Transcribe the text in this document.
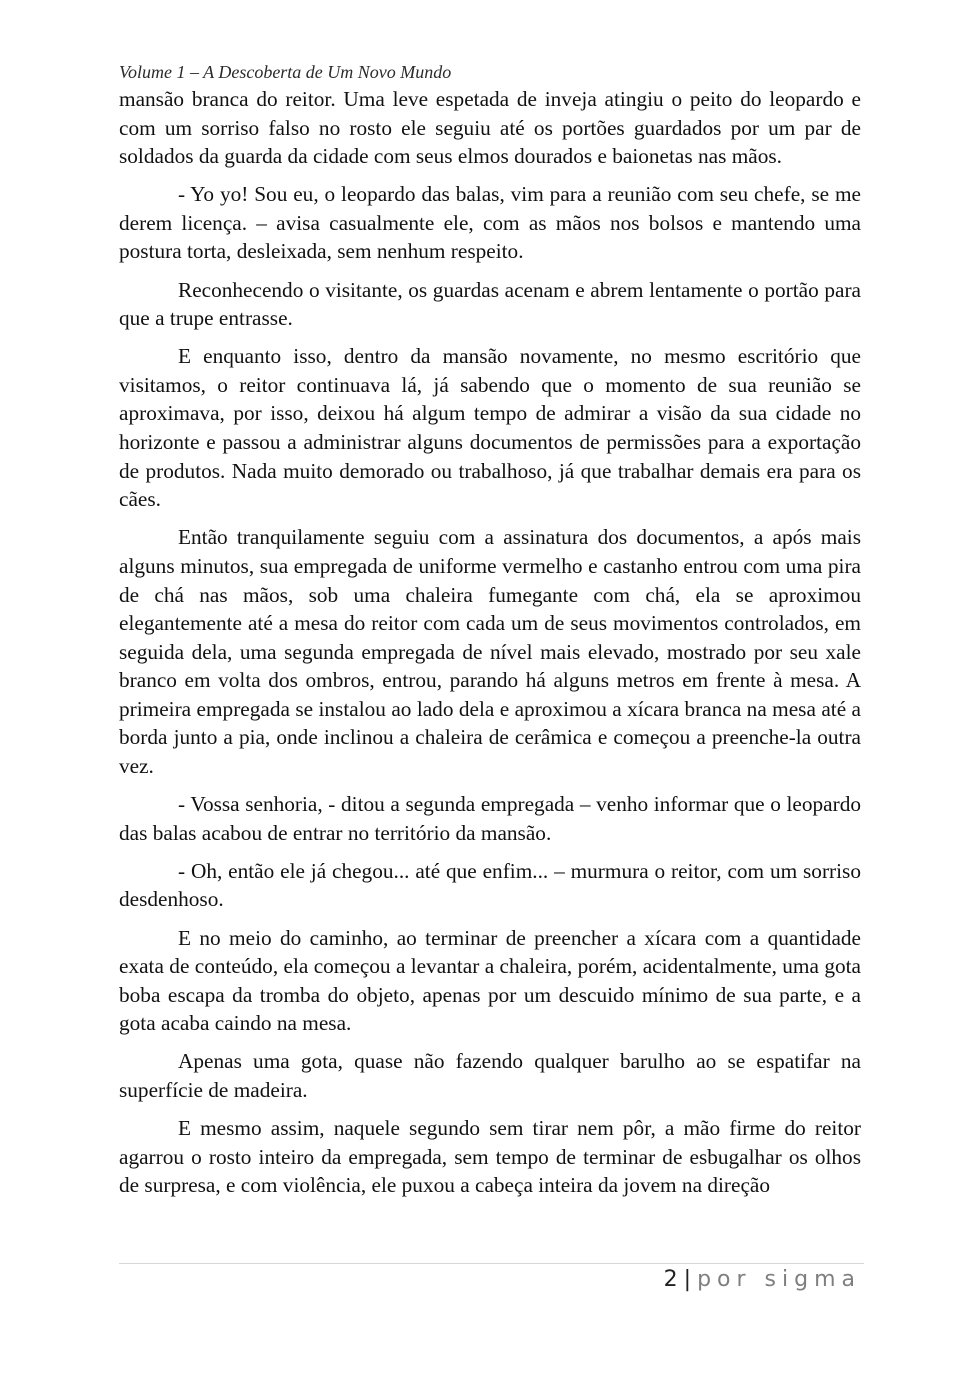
Volume 1 – A Descoberta de Um Novo Mundo

mansão branca do reitor. Uma leve espetada de inveja atingiu o peito do leopardo e com um sorriso falso no rosto ele seguiu até os portões guardados por um par de soldados da guarda da cidade com seus elmos dourados e baionetas nas mãos.

- Yo yo! Sou eu, o leopardo das balas, vim para a reunião com seu chefe, se me derem licença. – avisa casualmente ele, com as mãos nos bolsos e mantendo uma postura torta, desleixada, sem nenhum respeito.

Reconhecendo o visitante, os guardas acenam e abrem lentamente o portão para que a trupe entrasse.

E enquanto isso, dentro da mansão novamente, no mesmo escritório que visitamos, o reitor continuava lá, já sabendo que o momento de sua reunião se aproximava, por isso, deixou há algum tempo de admirar a visão da sua cidade no horizonte e passou a administrar alguns documentos de permissões para a exportação de produtos. Nada muito demorado ou trabalhoso, já que trabalhar demais era para os cães.

Então tranquilamente seguiu com a assinatura dos documentos, a após mais alguns minutos, sua empregada de uniforme vermelho e castanho entrou com uma pira de chá nas mãos, sob uma chaleira fumegante com chá, ela se aproximou elegantemente até a mesa do reitor com cada um de seus movimentos controlados, em seguida dela, uma segunda empregada de nível mais elevado, mostrado por seu xale branco em volta dos ombros, entrou, parando há alguns metros em frente à mesa. A primeira empregada se instalou ao lado dela e aproximou a xícara branca na mesa até a borda junto a pia, onde inclinou a chaleira de cerâmica e começou a preenche-la outra vez.

- Vossa senhoria, - ditou a segunda empregada – venho informar que o leopardo das balas acabou de entrar no território da mansão.

- Oh, então ele já chegou... até que enfim... – murmura o reitor, com um sorriso desdenhoso.

E no meio do caminho, ao terminar de preencher a xícara com a quantidade exata de conteúdo, ela começou a levantar a chaleira, porém, acidentalmente, uma gota boba escapa da tromba do objeto, apenas por um descuido mínimo de sua parte, e a gota acaba caindo na mesa.

Apenas uma gota, quase não fazendo qualquer barulho ao se espatifar na superfície de madeira.

E mesmo assim, naquele segundo sem tirar nem pôr, a mão firme do reitor agarrou o rosto inteiro da empregada, sem tempo de terminar de esbugalhar os olhos de surpresa, e com violência, ele puxou a cabeça inteira da jovem na direção

2 | por sigma
